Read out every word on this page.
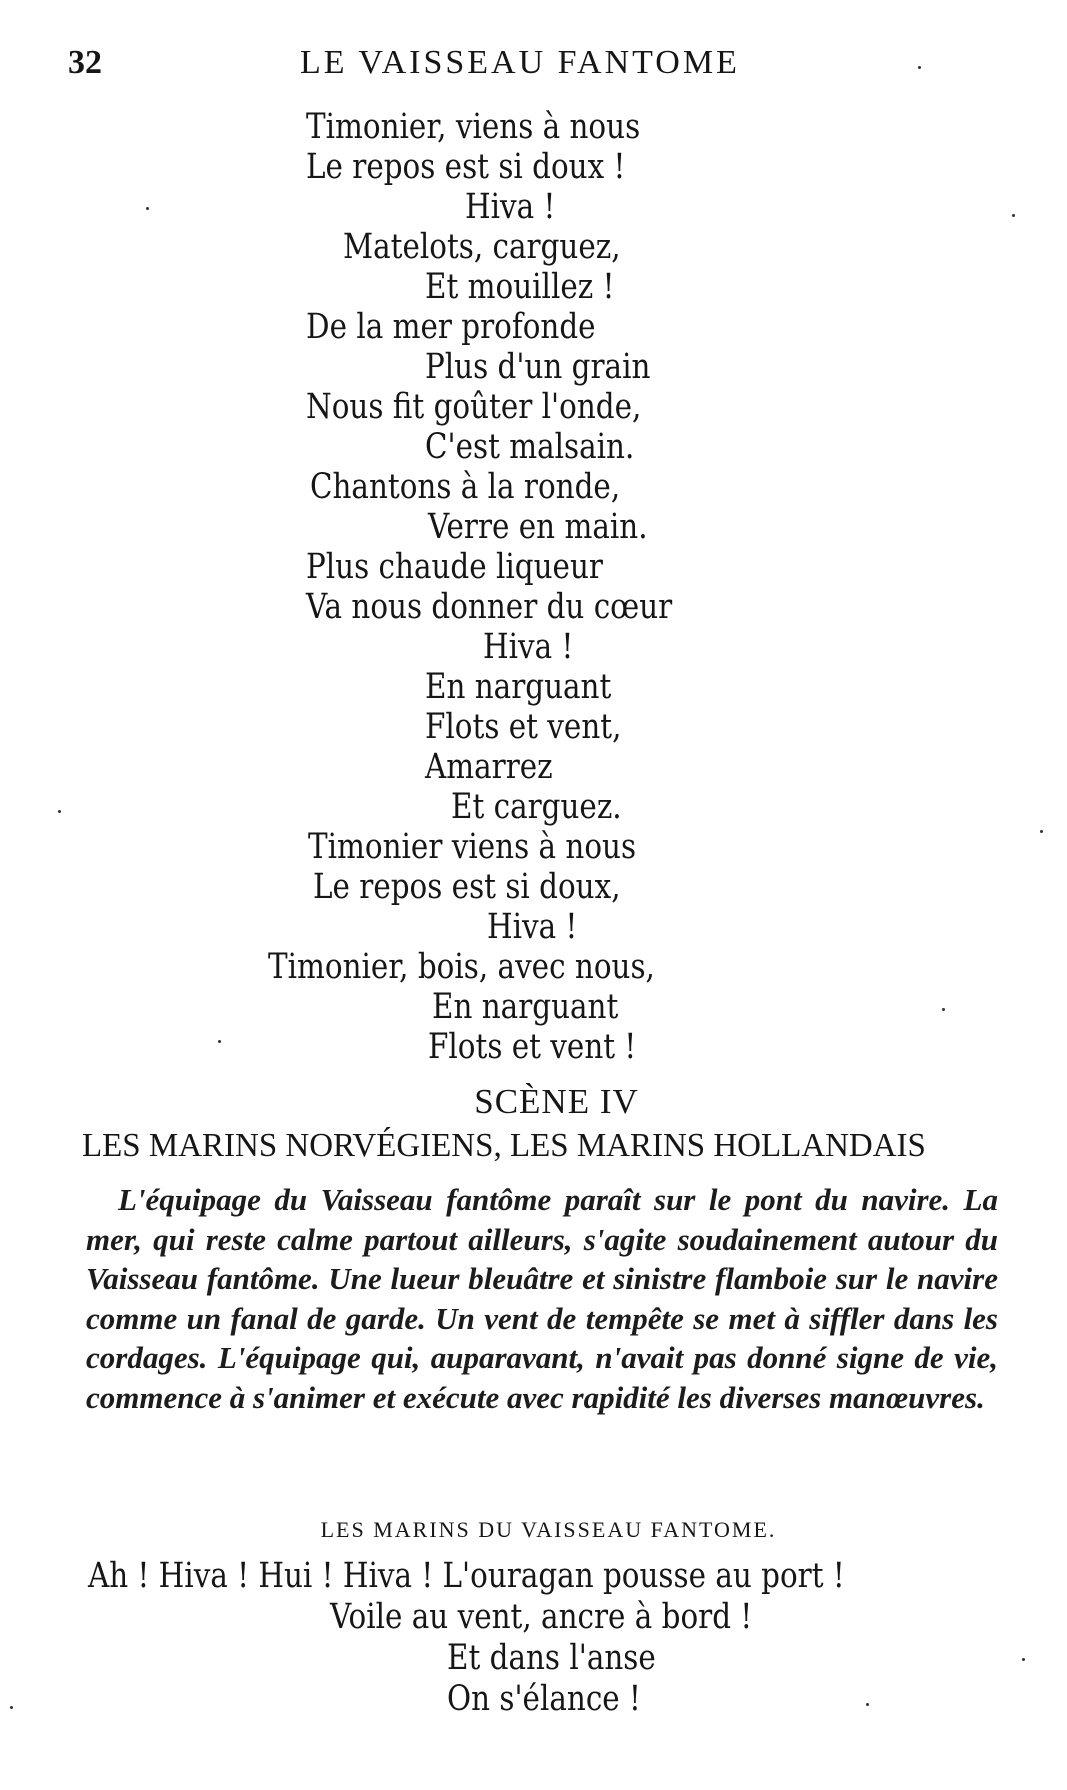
32	LE VAISSEAU FANTOME
Timonier, viens à nous
Le repos est si doux !
Hiva !
Matelots, carguez,
Et mouillez !
De la mer profonde
Plus d'un grain
Nous fit goûter l'onde,
C'est malsain.
Chantons à la ronde,
Verre en main.
Plus chaude liqueur
Va nous donner du cœur
Hiva !
En narguant
Flots et vent,
Amarrez
Et carguez.
Timonier viens à nous
Le repos est si doux,
Hiva !
Timonier, bois, avec nous,
En narguant
Flots et vent !
SCÈNE IV
LES MARINS NORVÉGIENS, LES MARINS HOLLANDAIS
L'équipage du Vaisseau fantôme paraît sur le pont du navire. La mer, qui reste calme partout ailleurs, s'agite soudainement autour du Vaisseau fantôme. Une lueur bleuâtre et sinistre flamboie sur le navire comme un fanal de garde. Un vent de tempête se met à siffler dans les cordages. L'équipage qui, auparavant, n'avait pas donné signe de vie, commence à s'animer et exécute avec rapidité les diverses manœuvres.
LES MARINS DU VAISSEAU FANTOME.
Ah ! Hiva ! Hui ! Hiva ! L'ouragan pousse au port !
Voile au vent, ancre à bord !
Et dans l'anse
On s'élance !
